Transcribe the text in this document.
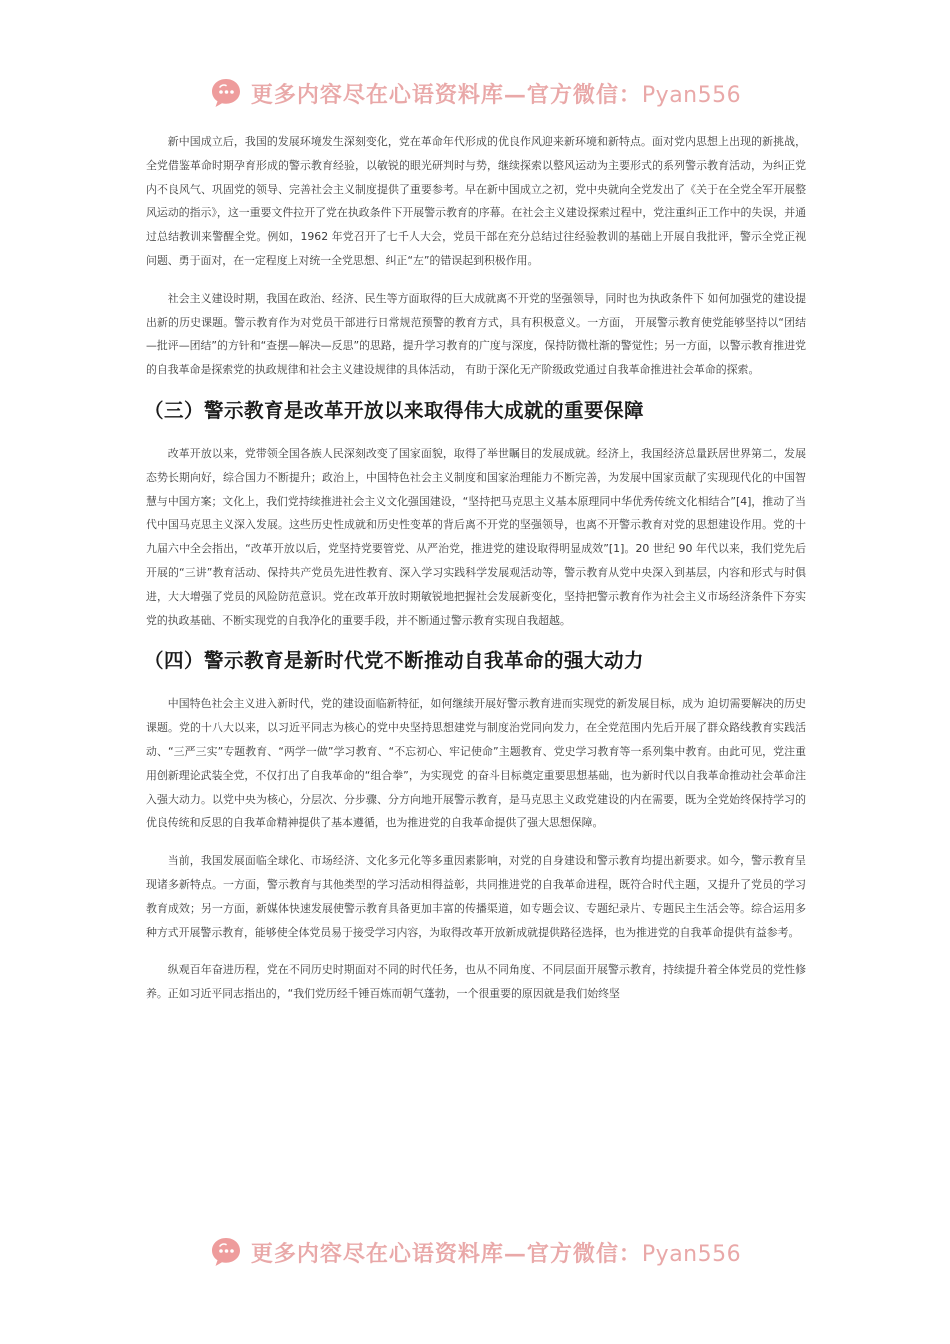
更多内容尽在心语资料库—官方微信：Pyan556

新中国成立后，我国的发展环境发生深刻变化，党在革命年代形成的优良作风迎来新环境和新特点。面对党内思想上出现的新挑战，全党借鉴革命时期孕育形成的警示教育经验，以敏锐的眼光研判时与势，继续探索以整风运动为主要形式的系列警示教育活动，为纠正党内不良风气、巩固党的领导、完善社会主义制度提供了重要参考。早在新中国成立之初，党中央就向全党发出了《关于在全党全军开展整风运动的指示》，这一重要文件拉开了党在执政条件下开展警示教育的序幕。在社会主义建设探索过程中，党注重纠正工作中的失误，并通过总结教训来警醒全党。例如，1962 年党召开了七千人大会，党员干部在充分总结过往经验教训的基础上开展自我批评，警示全党正视问题、勇于面对，在一定程度上对统一全党思想、纠正“左”的错误起到积极作用。

社会主义建设时期，我国在政治、经济、民生等方面取得的巨大成就离不开党的坚强领导，同时也为执政条件下 如何加强党的建设提出新的历史课题。警示教育作为对党员干部进行日常规范预警的教育方式，具有积极意义。一方面， 开展警示教育使党能够坚持以“团结—批评—团结”的方针和“查摆—解决—反思”的思路，提升学习教育的广度与深度，保持防微杜渐的警觉性；另一方面，以警示教育推进党的自我革命是探索党的执政规律和社会主义建设规律的具体活动， 有助于深化无产阶级政党通过自我革命推进社会革命的探索。

（三）警示教育是改革开放以来取得伟大成就的重要保障

改革开放以来，党带领全国各族人民深刻改变了国家面貌，取得了举世瞩目的发展成就。经济上，我国经济总量跃居世界第二，发展态势长期向好，综合国力不断提升；政治上，中国特色社会主义制度和国家治理能力不断完善，为发展中国家贡献了实现现代化的中国智慧与中国方案；文化上，我们党持续推进社会主义文化强国建设，“坚持把马克思主义基本原理同中华优秀传统文化相结合”[4]，推动了当代中国马克思主义深入发展。这些历史性成就和历史性变革的背后离不开党的坚强领导，也离不开警示教育对党的思想建设作用。党的十九届六中全会指出，“改革开放以后，党坚持党要管党、从严治党，推进党的建设取得明显成效”[1]。20 世纪 90 年代以来，我们党先后开展的“三讲”教育活动、保持共产党员先进性教育、深入学习实践科学发展观活动等，警示教育从党中央深入到基层，内容和形式与时俱进，大大增强了党员的风险防范意识。党在改革开放时期敏锐地把握社会发展新变化，坚持把警示教育作为社会主义市场经济条件下夯实党的执政基础、不断实现党的自我净化的重要手段，并不断通过警示教育实现自我超越。

（四）警示教育是新时代党不断推动自我革命的强大动力

中国特色社会主义进入新时代，党的建设面临新特征，如何继续开展好警示教育进而实现党的新发展目标，成为 迫切需要解决的历史课题。党的十八大以来，以习近平同志为核心的党中央坚持思想建党与制度治党同向发力，在全党范围内先后开展了群众路线教育实践活动、“三严三实”专题教育、“两学一做”学习教育、“不忘初心、牢记使命”主题教育、党史学习教育等一系列集中教育。由此可见，党注重用创新理论武装全党，不仅打出了自我革命的“组合拳”，为实现党 的奋斗目标奠定重要思想基础，也为新时代以自我革命推动社会革命注入强大动力。以党中央为核心，分层次、分步骤、分方向地开展警示教育，是马克思主义政党建设的内在需要，既为全党始终保持学习的优良传统和反思的自我革命精神提供了基本遵循，也为推进党的自我革命提供了强大思想保障。

当前，我国发展面临全球化、市场经济、文化多元化等多重因素影响，对党的自身建设和警示教育均提出新要求。如今，警示教育呈现诸多新特点。一方面，警示教育与其他类型的学习活动相得益彰，共同推进党的自我革命进程，既符合时代主题，又提升了党员的学习教育成效；另一方面，新媒体快速发展使警示教育具备更加丰富的传播渠道，如专题会议、专题纪录片、专题民主生活会等。综合运用多种方式开展警示教育，能够使全体党员易于接受学习内容，为取得改革开放新成就提供路径选择，也为推进党的自我革命提供有益参考。

纵观百年奋进历程，党在不同历史时期面对不同的时代任务，也从不同角度、不同层面开展警示教育，持续提升着全体党员的党性修养。正如习近平同志指出的，“我们党历经千锤百炼而朝气蓬勃，一个很重要的原因就是我们始终坚

更多内容尽在心语资料库—官方微信：Pyan556
